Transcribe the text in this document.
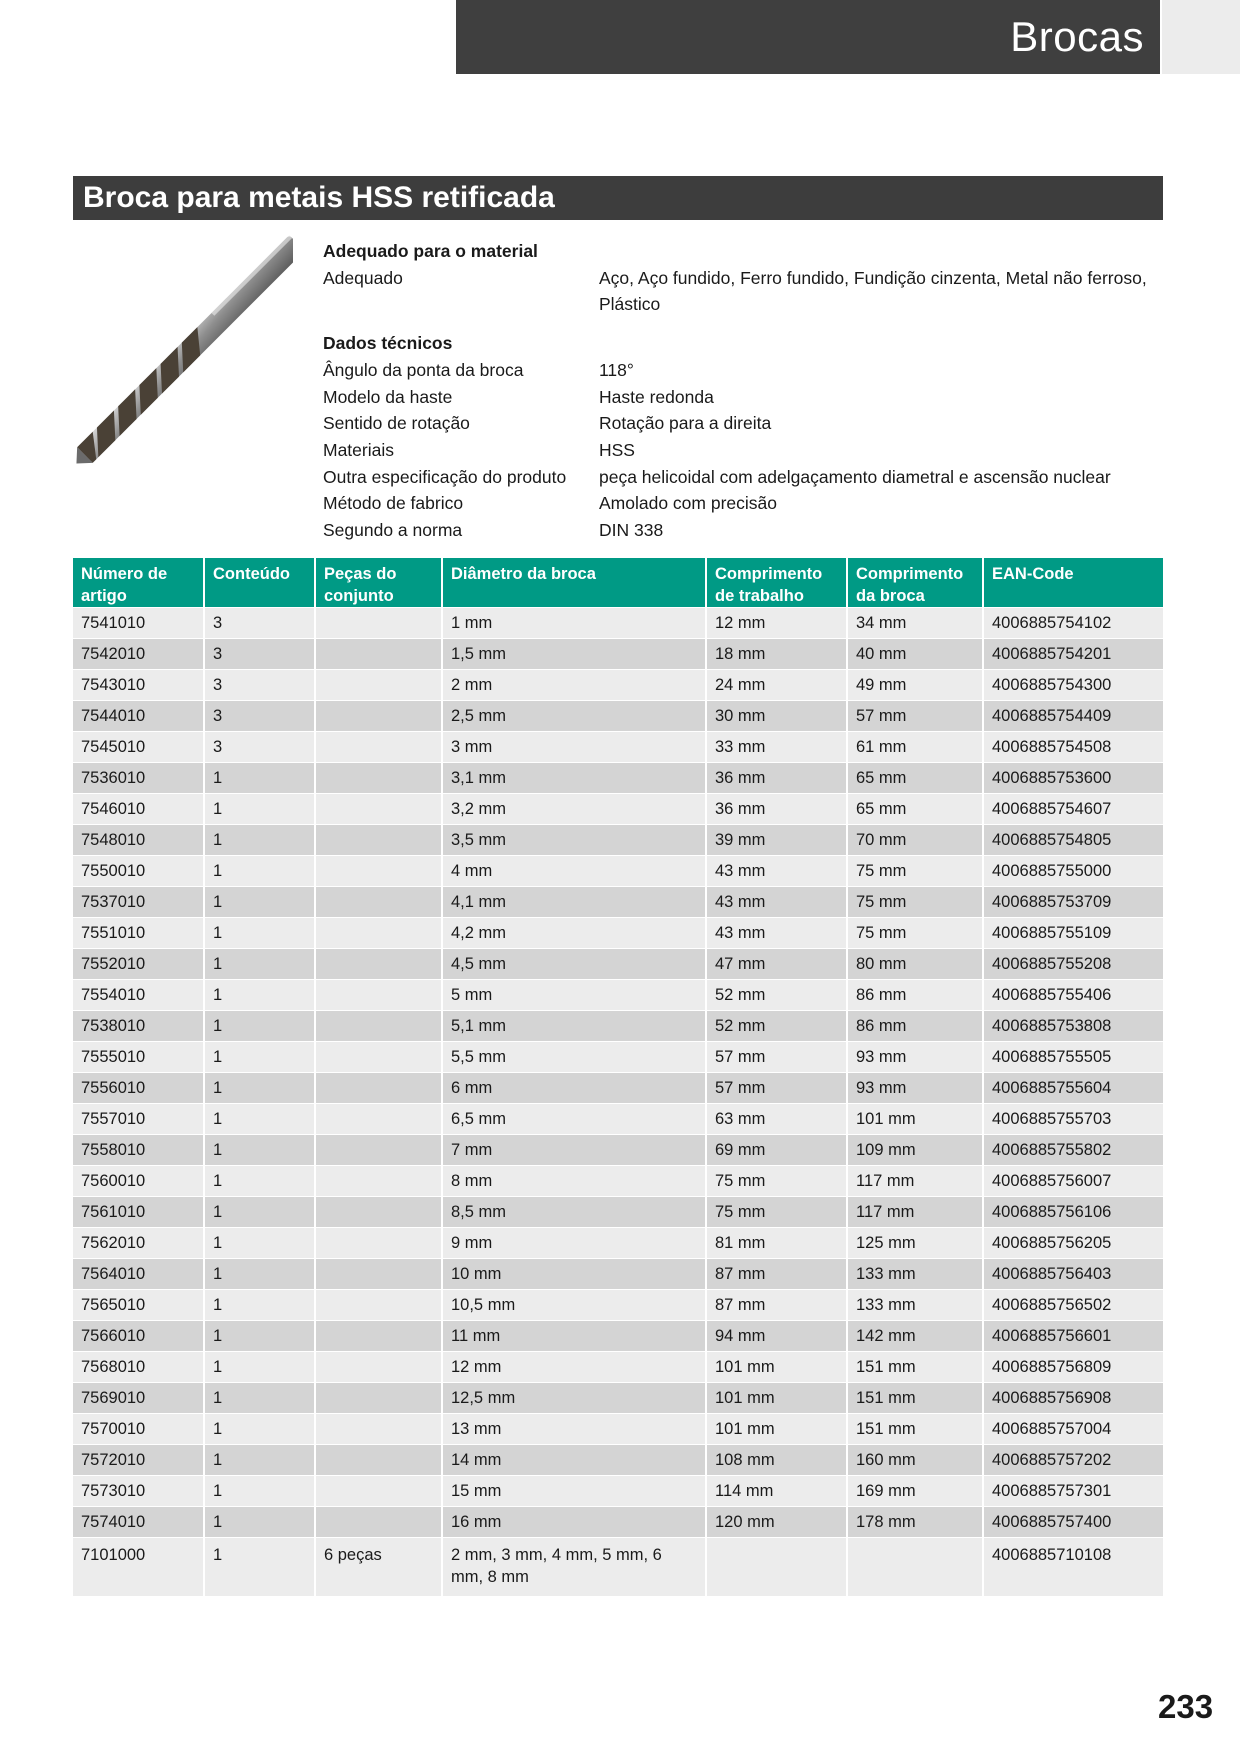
Brocas
Broca para metais HSS retificada
Adequado para o material
Adequado	Aço, Aço fundido, Ferro fundido, Fundição cinzenta, Metal não ferroso, Plástico
Dados técnicos
Ângulo da ponta da broca	118°
Modelo da haste	Haste redonda
Sentido de rotação	Rotação para a direita
Materiais	HSS
Outra especificação do produto	peça helicoidal com adelgaçamento diametral e ascensão nuclear
Método de fabrico	Amolado com precisão
Segundo a norma	DIN 338
Número de artigo	Conteúdo	Peças do conjunto	Diâmetro da broca	Comprimento de trabalho	Comprimento da broca	EAN-Code
7541010	3		1 mm	12 mm	34 mm	4006885754102
7542010	3		1,5 mm	18 mm	40 mm	4006885754201
7543010	3		2 mm	24 mm	49 mm	4006885754300
7544010	3		2,5 mm	30 mm	57 mm	4006885754409
7545010	3		3 mm	33 mm	61 mm	4006885754508
7536010	1		3,1 mm	36 mm	65 mm	4006885753600
7546010	1		3,2 mm	36 mm	65 mm	4006885754607
7548010	1		3,5 mm	39 mm	70 mm	4006885754805
7550010	1		4 mm	43 mm	75 mm	4006885755000
7537010	1		4,1 mm	43 mm	75 mm	4006885753709
7551010	1		4,2 mm	43 mm	75 mm	4006885755109
7552010	1		4,5 mm	47 mm	80 mm	4006885755208
7554010	1		5 mm	52 mm	86 mm	4006885755406
7538010	1		5,1 mm	52 mm	86 mm	4006885753808
7555010	1		5,5 mm	57 mm	93 mm	4006885755505
7556010	1		6 mm	57 mm	93 mm	4006885755604
7557010	1		6,5 mm	63 mm	101 mm	4006885755703
7558010	1		7 mm	69 mm	109 mm	4006885755802
7560010	1		8 mm	75 mm	117 mm	4006885756007
7561010	1		8,5 mm	75 mm	117 mm	4006885756106
7562010	1		9 mm	81 mm	125 mm	4006885756205
7564010	1		10 mm	87 mm	133 mm	4006885756403
7565010	1		10,5 mm	87 mm	133 mm	4006885756502
7566010	1		11 mm	94 mm	142 mm	4006885756601
7568010	1		12 mm	101 mm	151 mm	4006885756809
7569010	1		12,5 mm	101 mm	151 mm	4006885756908
7570010	1		13 mm	101 mm	151 mm	4006885757004
7572010	1		14 mm	108 mm	160 mm	4006885757202
7573010	1		15 mm	114 mm	169 mm	4006885757301
7574010	1		16 mm	120 mm	178 mm	4006885757400
7101000	1	6 peças	2 mm, 3 mm, 4 mm, 5 mm, 6 mm, 8 mm			4006885710108
233
